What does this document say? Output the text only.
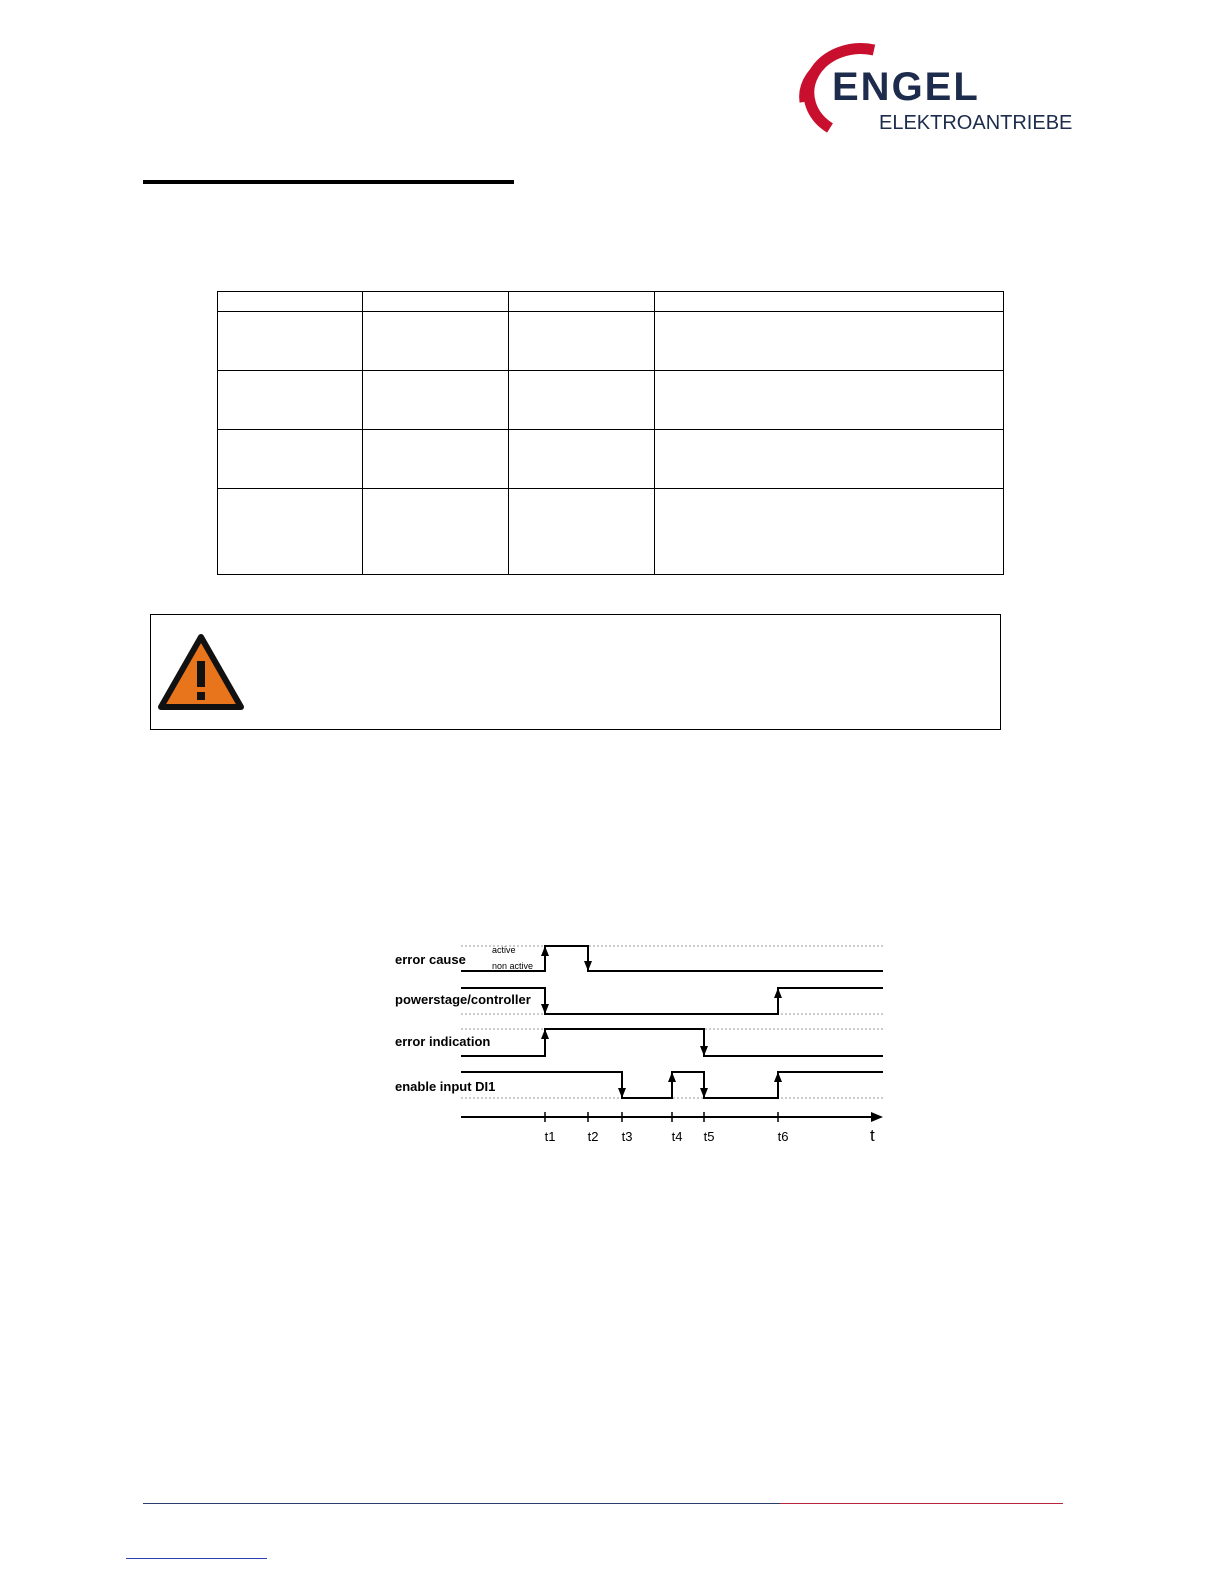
ENGEL
ELEKTROANTRIEBE

error cause
powerstage/controller
error indication
enable input DI1
active
non active
t1 t2 t3	t4 t5	t6	t
